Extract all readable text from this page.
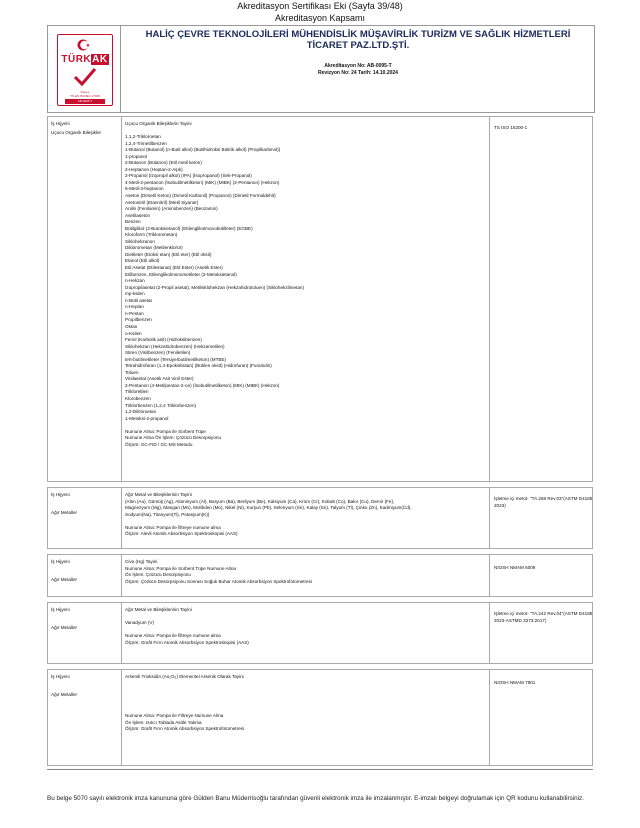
Akreditasyon Sertifikası Eki (Sayfa 39/48)
Akreditasyon Kapsamı
TÜRKAK
Deney
TS EN ISO/IEC 17025
AB-0095-T
HALİÇ ÇEVRE TEKNOLOJİLERİ MÜHENDİSLİK MÜŞAVİRLİK TURİZM VE SAĞLIK HİZMETLERİ TİCARET PAZ.LTD.ŞTİ.
Akreditasyon No: AB-0095-T
Revizyon No: 24 Tarih: 14.10.2024
İş Hijyeni
Uçucu Organik Bileşikler

Uçucu Organik Bileşiklerin Tayini

1,1,2-Trikloroetan

1,2,4-Trimetilbenzen

1-Bütanol (Butanol) (n-Butil alkol) (Butilhidroksi Bütirik alkol) (Propilkarbinol))

1-propanol

2-Bütanon (Bütanon) (Etil metil keton)

2-Heptanon (Heptan-2-Aşık)

2-Propanol (İzopropil alkol) (IPA) (İsopropanol) (Sek-Propanol)

4-Metil-2-pentanon (İsobutilmetilketon) (MIK) (MIBK) (2-Pentanon) (Hekzon)

5-Metil-3-heptanon

Aseton (Dimetil Keton) (Dimetil Karbonil) (Propanon) (Dimetil Formaldehit)

Asetonitril (Etannitril) (Metil Siyanür)

Anilin (Fenilamin) (Aminobenzen) (Benzamin)

Asetilaseton

Benzen

Bütilglikol (2-Butoksietanol) (Etilenglikolmonobütilleter) (EGBE)

Kloroform (Triklorometan)

Siklohekzanon

Diklorometan (Metilenklorür)

Dietileter (Etoksi etan) (Etil eter) (Etil oksit)

Etanol (Etil alkol)

Etil Asetat (Etilestanat) (Etil Ester) (Asetik Ester)

Etilbenzen, Etilenglikolmonometileter (2-Metoksietanol)

n-Hekzan

İzopropilasetat (2-Propil asetat), Metilsiklohekzan (Hekzahidrotoluen) (Siklohekzilmetan)

mp-ksilen

n-Bütil asetat

n-Heptan

n-Pentan

Propilbenzen

Oktan

o-Ksilen

Fenol (Karbolik asit) (Hidroksibenzen)

Siklohekzan (Hekzahidrobenzen) (Hekzametilen)

Stiren (Vinilbenzen) (Feniletilen)

tert-butilmetileter (Tersiyerbutilmetilketon) (MTBE)

Tetrahidrofuran (1,4-Epoksibütan) (Bütilen oksit) (Hidrofuran) (Furanidin)

Toluen

Vinilasetat (Asetik Asit Vinil Ester)

2-Pentanon (4-Metilpentan-2-on) (İsobutilmetilketon) (MIK) (MIBK) (Hekzon)

Trikloretilen

Klorobenzen

Triklorbenzen (1,2,4 Triklorbenzen)

1,2-Dikloroetan

1-Metoksi-2-propanol

Numune Alma: Pompa ile Sorbent Tüpe

Numune Alma Ön İşlem: Çözücü Desorpsiyonu

Ölçüm: GC-FID / GC-MS Metodu

TS ISO 16200-1
İş Hijyeni
Ağır Metaller

Ağır Metal ve Bileşiklerinin Tayini

(Altın (Au), Gümüş (Ag), Alüminyum (Al), Baryum (Ba), Berilyum (Be), Kalsiyum (Ca), Krom (Cr), Kobalt (Co), Bakır (Cu), Demir (Fe),

Magnezyum (Mg), Mangan (Mn), Molibden (Mo), Nikel (Ni), Kurşun (Pb), Selenyum (Se), Kalay (Sn), Talyum (Tl), Çinko (Zn), Kadmiyum(Cd),

Sodyum(Na), Titanyum(Ti), Potasyum(K))

Numune Alma: Pompa ile filtreye numune alma

Ölçüm: Alevli Atomik Absorbsiyon Spektroskopisi (AAS)

İşletme içi metot- "TA.268 Rev.03"(ASTM D4185 2023)
İş Hijyeni
Ağır Metaller

Civa (Hg) Tayini

Numune Alma: Pompa ile Sorbent Tüpe Numune Alma

Ön İşlem: Çözücü Desorpsiyonu

Ölçüm: Çözücü Desorpsiyonu Sonrası Soğuk Buhar Atomik Absorbsiyon Spektrofotometresi

NIOSH NMAM 6009
İş Hijyeni
Ağır Metaller

Ağır Metal ve Bileşiklerinin Tayini

Vanadyum (V)

Numune Alma: Pompa ile filtreye numune alma

Ölçüm: Grafit Fırın Atomik Absorbsiyon Spektroskopisi (AAS)

İşletme içi metot- "TA.242 Rev.04"(ASTM D4185 2023-ASTMD 3373:2017)
İş Hijyeni
Ağır Metaller

Arsenik Trioksidin (As₂O₃) Elementel Arsenik Olarak Tayini

Numune Alma: Pompa ile Filtreye Numune Alma

Ön İşlem: Isıtıcı Tablada Asitle Yakma

Ölçüm: Grafit Fırın Atomik Absorbsiyon Spektrofotometresi

NIOSH NMAM 7901
Bu belge 5070 sayılı elektronik imza kanununa göre Gülden Banu Müderrisoğlu tarafından güvenli elektronik imza ile imzalanmıştır. E-imzalı belgeyi doğrulamak için QR kodunu kullanabilirsiniz.
